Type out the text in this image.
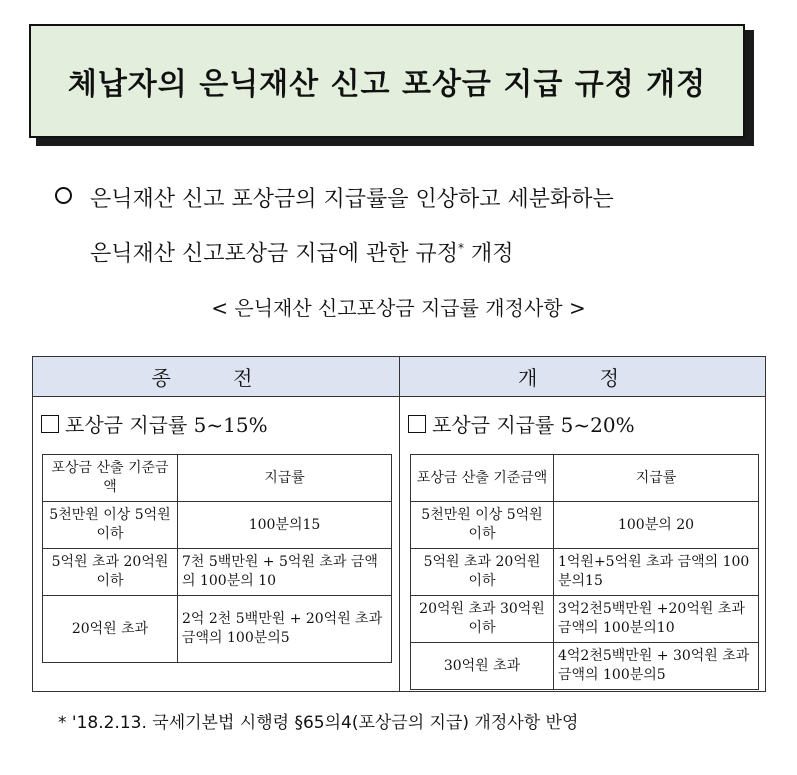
체납자의 은닉재산 신고 포상금 지급 규정 개정
은닉재산 신고 포상금의 지급률을 인상하고 세분화하는
은닉재산 신고포상금 지급에 관한 규정* 개정
< 은닉재산 신고포상금 지급률 개정사항 >
종 전	개 정
포상금 지급률 5~15%	포상금 지급률 5~20%
포상금 산출 기준금액	지급률
5천만원 이상 5억원 이하	100분의15
5억원 초과 20억원 이하	7천 5백만원 + 5억원 초과 금액의 100분의 10
20억원 초과	2억 2천 5백만원 + 20억원 초과 금액의 100분의5
포상금 산출 기준금액	지급률
5천만원 이상 5억원 이하	100분의 20
5억원 초과 20억원 이하	1억원+5억원 초과 금액의 100분의15
20억원 초과 30억원 이하	3억2천5백만원 +20억원 초과 금액의 100분의10
30억원 초과	4억2천5백만원 + 30억원 초과 금액의 100분의5
* '18.2.13. 국세기본법 시행령 §65의4(포상금의 지급) 개정사항 반영
